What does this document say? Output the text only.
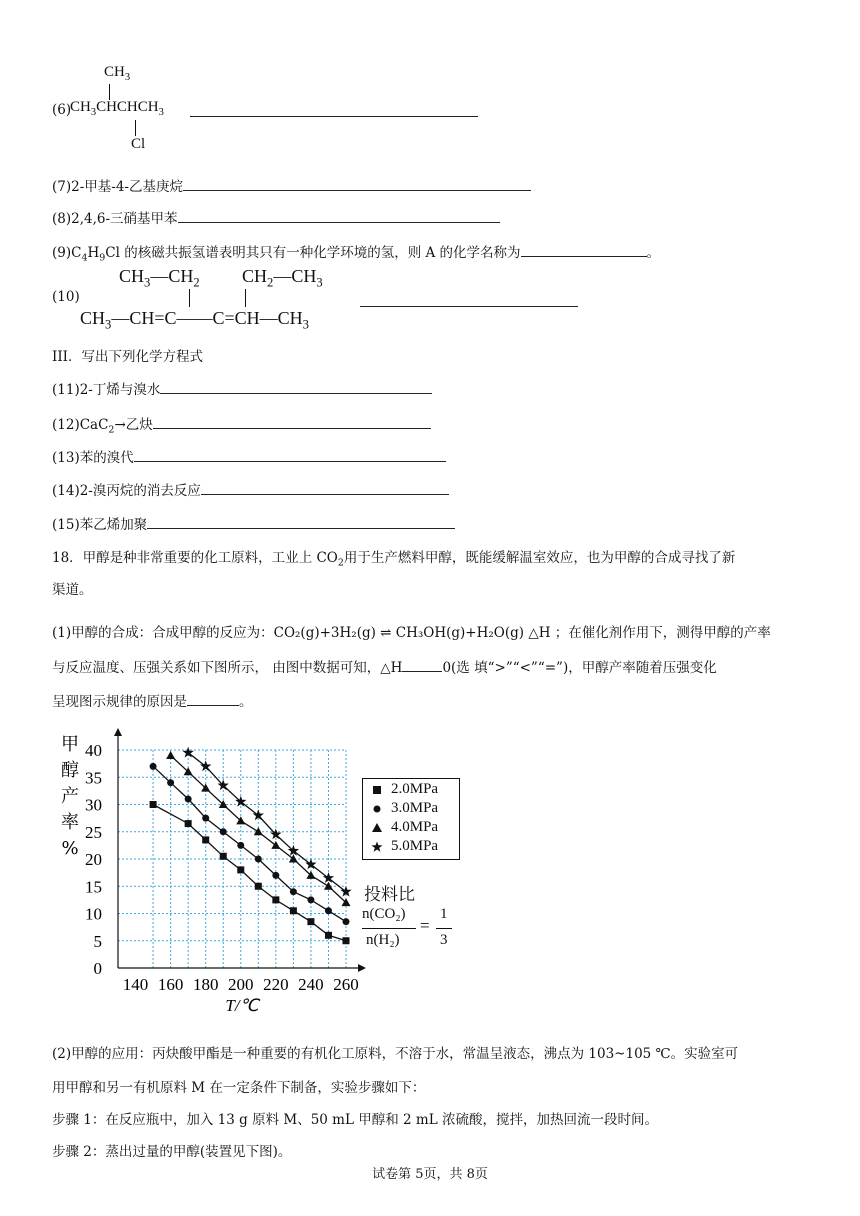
$CH_3$
(6)
$CH_3CHCHCH_3$
Cl
(7)2-甲基-4-乙基庚烷
(8)2,4,6-三硝基甲苯
$(9)C_4H_9Cl$ 的核磁共振氢谱表明其只有一种化学环境的氢，则 A 的化学名称为	。
(10)
$CH_3—CH_2$ $CH_2—CH_3$
$CH_3—CH=C——C=CH—CH_3$
III．写出下列化学方程式
(11)2-丁烯与溴水
(12)CaC$_2$→乙炔
(13)苯的溴代
(14)2-溴丙烷的消去反应
(15)苯乙烯加聚
18．甲醇是种非常重要的化工原料，工业上 $CO_2$用于生产燃料甲醇，既能缓解温室效应，也为甲醇的合成寻找了新
渠道。
(1)甲醇的合成：合成甲醇的反应为：CO₂(g)+3H₂(g) ⇌ CH₃OH(g)+H₂O(g) △H ；在催化剂作用下，测得甲醇的产率
与反应温度、压强关系如下图所示， 由图中数据可知，△H	0(选 填“>”“<”“=”)，甲醇产率随着压强变化
呈现图示规律的原因是	。
0
5
10
15
20
25
30
35
40
140 160 180 200 220 240 260
甲
醇
产
率
%
T/℃
2.0MPa
3.0MPa
4.0MPa
5.0MPa
投料比
n(CO₂)
n(H₂)
=
1
3
(2)甲醇的应用：丙炔酸甲酯是一种重要的有机化工原料，不溶于水，常温呈液态，沸点为 103~105 ℃。实验室可
用甲醇和另一有机原料 M 在一定条件下制备，实验步骤如下：
步骤 1：在反应瓶中，加入 13 g 原料 M、50 mL 甲醇和 2 mL 浓硫酸，搅拌，加热回流一段时间。
步骤 2：蒸出过量的甲醇(装置见下图)。
试卷第 5页，共 8页
